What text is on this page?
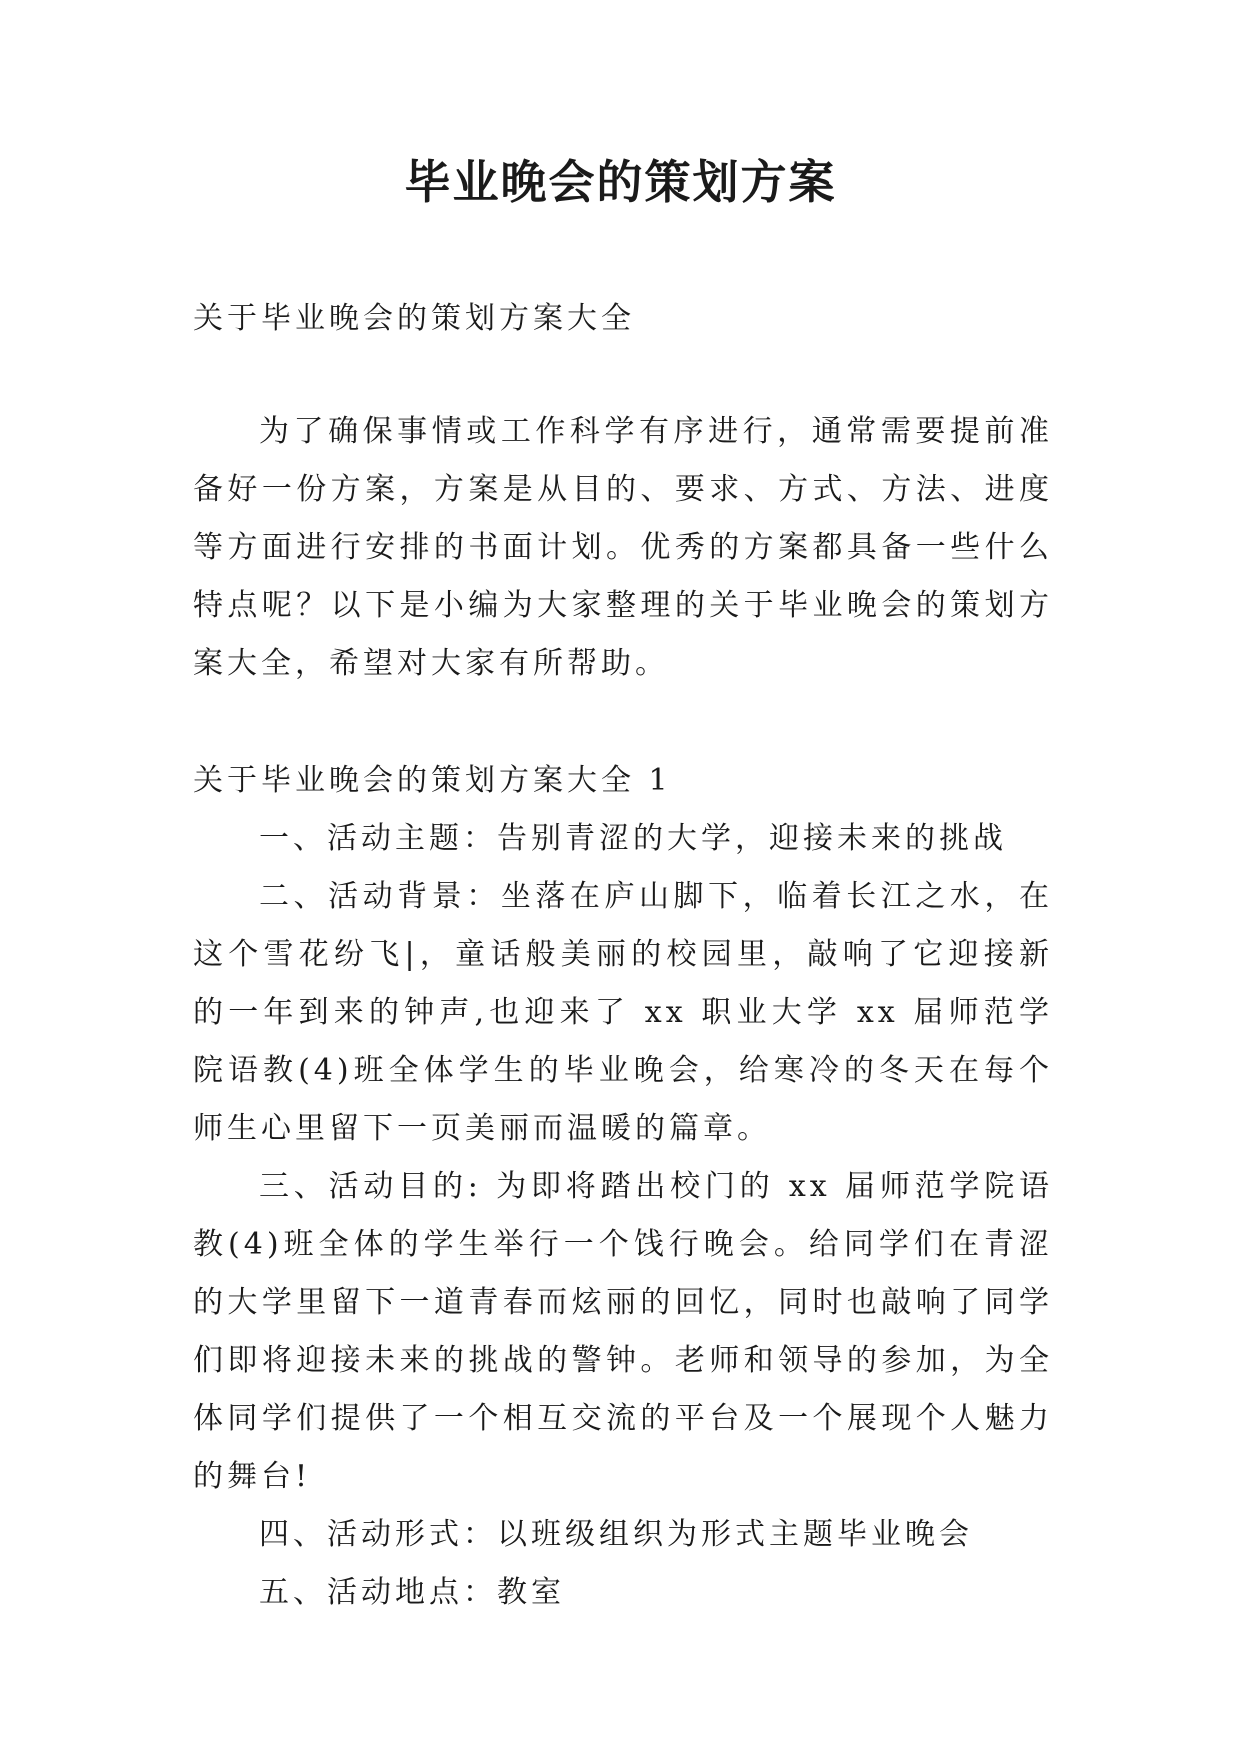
毕业晚会的策划方案

关于毕业晚会的策划方案大全

为了确保事情或工作科学有序进行，通常需要提前准备好一份方案，方案是从目的、要求、方式、方法、进度等方面进行安排的书面计划。优秀的方案都具备一些什么特点呢？以下是小编为大家整理的关于毕业晚会的策划方案大全，希望对大家有所帮助。

关于毕业晚会的策划方案大全 1

一、活动主题：告别青涩的大学，迎接未来的挑战

二、活动背景：坐落在庐山脚下，临着长江之水，在这个雪花纷飞|，童话般美丽的校园里，敲响了它迎接新的一年到来的钟声,也迎来了 xx 职业大学 xx 届师范学院语教(4)班全体学生的毕业晚会，给寒冷的冬天在每个师生心里留下一页美丽而温暖的篇章。

三、活动目的: 为即将踏出校门的 xx 届师范学院语教(4)班全体的学生举行一个饯行晚会。给同学们在青涩的大学里留下一道青春而炫丽的回忆，同时也敲响了同学们即将迎接未来的挑战的警钟。老师和领导的参加，为全体同学们提供了一个相互交流的平台及一个展现个人魅力的舞台!

四、活动形式：以班级组织为形式主题毕业晚会

五、活动地点：教室
